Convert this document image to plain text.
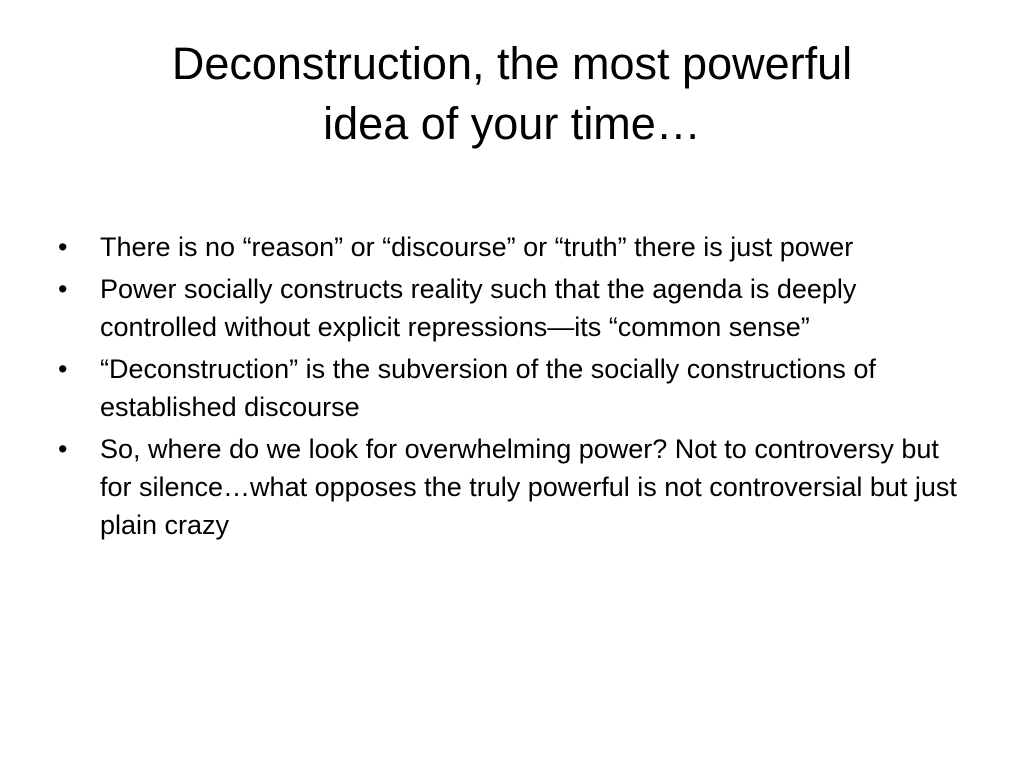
Deconstruction, the most powerful
idea of your time…
•	There is no “reason” or “discourse” or “truth” there is just power
•	Power socially constructs reality such that the agenda is deeply controlled without explicit repressions—its “common sense”
•	“Deconstruction” is the subversion of the socially constructions of established discourse
•	So, where do we look for overwhelming power? Not to controversy but for silence…what opposes the truly powerful is not controversial but just plain crazy
